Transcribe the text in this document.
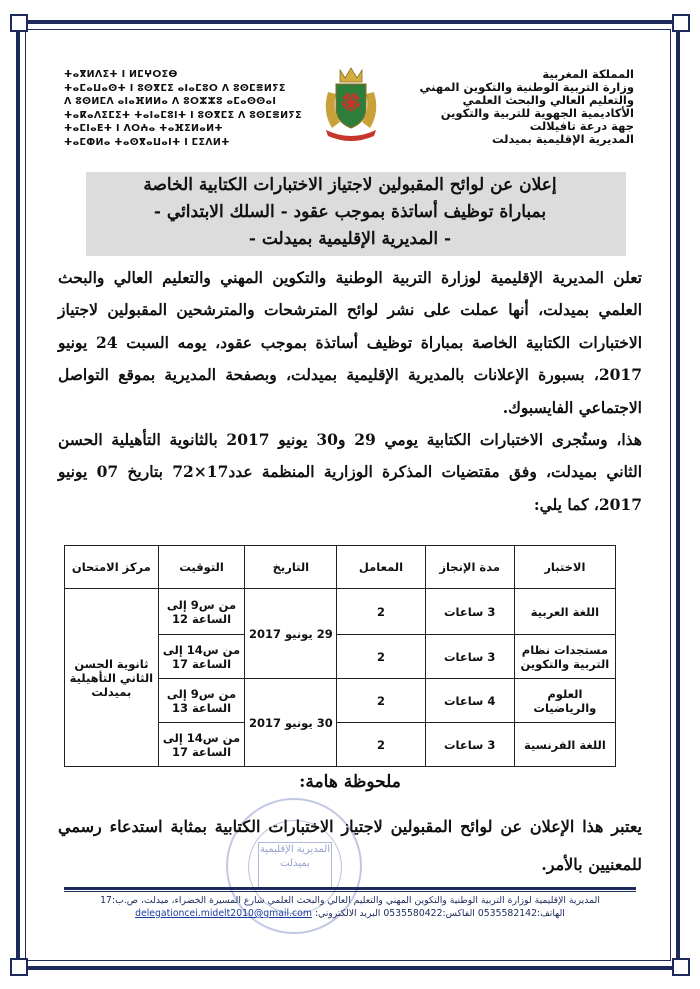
المملكة المغربية
وزارة التربية الوطنية والتكوين المهني
والتعليم العالي والبحث العلمي
الأكاديمية الجهوية للتربية والتكوين
جهة درعة تافيلالت
المديرية الإقليمية بميدلت
ⵜⴰⴳⵍⴷⵉⵜ ⵏ ⵍⵎⵖⵔⵉⴱ
ⵜⴰⵎⴰⵡⴰⵙⵜ ⵏ ⵓⵙⴳⵎⵉ ⴰⵏⴰⵎⵓⵔ ⴷ ⵓⵙⵎⴻⵍⵢⵉ
ⴷ ⵓⵙⵍⵎⴷ ⴰⵏⴰⴼⵍⵍⴰ ⴷ ⵓⵔⵣⵣⵓ ⴰⵎⴰⵙⵙⴰⵏ
ⵜⴰⴽⴰⴷⵉⵎⵉⵜ ⵜⴰⵏⴰⵎⵓⵏⵜ ⵏ ⵓⵙⴳⵎⵉ ⴷ ⵓⵙⵎⴻⵍⵢⵉ
ⵜⴰⵎⵏⴰⴹⵜ ⵏ ⴷⵔⵄⴰ ⵜⴰⴼⵉⵍⴰⵍⵜ
ⵜⴰⵎⵀⵍⴰ ⵜⴰⵙⴳⴰⵡⴰⵏⵜ ⵏ ⵎⵉⴷⵍⵜ
إعلان عن لوائح المقبولين لاجتياز الاختبارات الكتابية الخاصة
بمباراة توظيف أساتذة بموجب عقود - السلك الابتدائي -
- المديرية الإقليمية بميدلت -

تعلن المديرية الإقليمية لوزارة التربية الوطنية والتكوين المهني والتعليم العالي والبحث العلمي بميدلت، أنها عملت على نشر لوائح المترشحات والمترشحين المقبولين لاجتياز الاختبارات الكتابية الخاصة بمباراة توظيف أساتذة بموجب عقود، يومه السبت 24 يونيو 2017، بسبورة الإعلانات بالمديرية الإقليمية بميدلت، وبصفحة المديرية بموقع التواصل الاجتماعي الفايسبوك.

هذا، وستُجرى الاختبارات الكتابية يومي 29 و30 يونيو 2017 بالثانوية التأهيلية الحسن الثاني بميدلت، وفق مقتضيات المذكرة الوزارية المنظمة عدد17×72 بتاريخ 07 يونيو 2017، كما يلي:

الاختبار	مدة الإنجاز	المعامل	التاريخ	التوقيت	مركز الامتحان
اللغة العربية	3 ساعات	2	29 يونيو 2017	من س9 إلى الساعة 12	ثانوية الحسن الثاني التأهيلية بميدلت
مستجدات نظام التربية والتكوين	3 ساعات	2		من س14 إلى الساعة 17	
العلوم والرياضيات	4 ساعات	2	30 يونيو 2017	من س9 إلى الساعة 13	
اللغة الفرنسية	3 ساعات	2		من س14 إلى الساعة 17	
المديرية الإقليمية بميدلت
ملحوظة هامة:
يعتبر هذا الإعلان عن لوائح المقبولين لاجتياز الاختبارات الكتابية بمثابة استدعاء رسمي للمعنيين بالأمر.
المديرية الإقليمية لوزارة التربية الوطنية والتكوين المهني والتعليم العالي والبحث العلمي شارع المسيرة الخضراء، ميدلت، ص.ب:17
الهاتف:0535582142 الفاكس:0535580422 البريد الالكتروني: delegationcei.midelt2010@gmail.com
